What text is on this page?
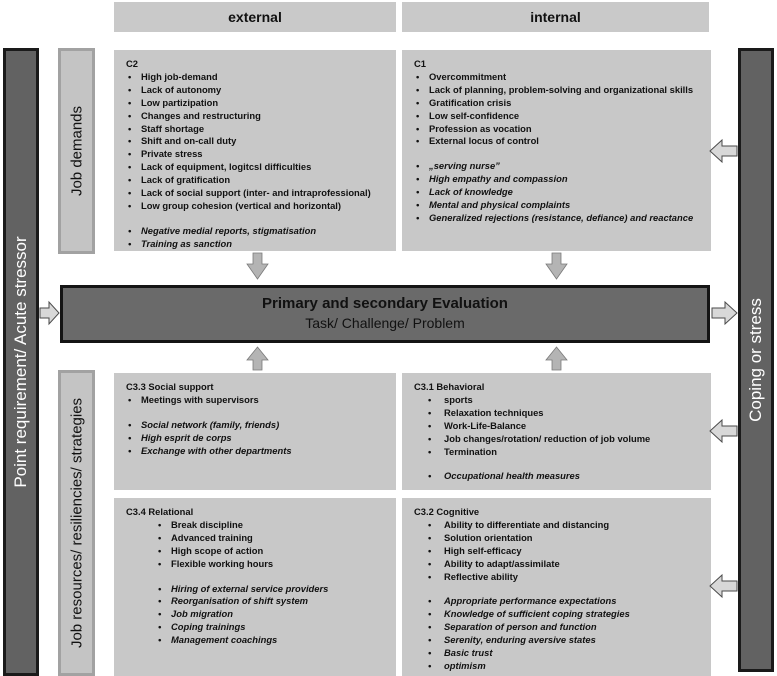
external	internal
Point requirement/ Acute stressor	Coping or stress
Job demands
Job resources/ resiliencies/ strategies
C2
• High job-demand
• Lack of autonomy
• Low partizipation
• Changes and restructuring
• Staff shortage
• Shift and on-call duty
• Private stress
• Lack of equipment, logitcsl difficulties
• Lack of gratification
• Lack of social support (inter- and intraprofessional)
• Low group cohesion (vertical and horizontal)
• Negative medial reports, stigmatisation
• Training as sanction
C1
• Overcommitment
• Lack of planning, problem-solving and organizational skills
• Gratification crisis
• Low self-confidence
• Profession as vocation
• External locus of control
• „serving nurse”
• High empathy and compassion
• Lack of knowledge
• Mental and physical complaints
• Generalized rejections (resistance, defiance) and reactance
Primary and secondary Evaluation
Task/ Challenge/ Problem
C3.3 Social support
• Meetings with supervisors
• Social network (family, friends)
• High esprit de corps
• Exchange with other departments
C3.1 Behavioral
• sports
• Relaxation techniques
• Work-Life-Balance
• Job changes/rotation/ reduction of job volume
• Termination
• Occupational health measures
C3.4 Relational
• Break discipline
• Advanced training
• High scope of action
• Flexible working hours
• Hiring of external service providers
• Reorganisation of shift system
• Job migration
• Coping trainings
• Management coachings
C3.2 Cognitive
• Ability to differentiate and distancing
• Solution orientation
• High self-efficacy
• Ability to adapt/assimilate
• Reflective ability
• Appropriate performance expectations
• Knowledge of sufficient coping strategies
• Separation of person and function
• Serenity, enduring aversive states
• Basic trust
• optimism
